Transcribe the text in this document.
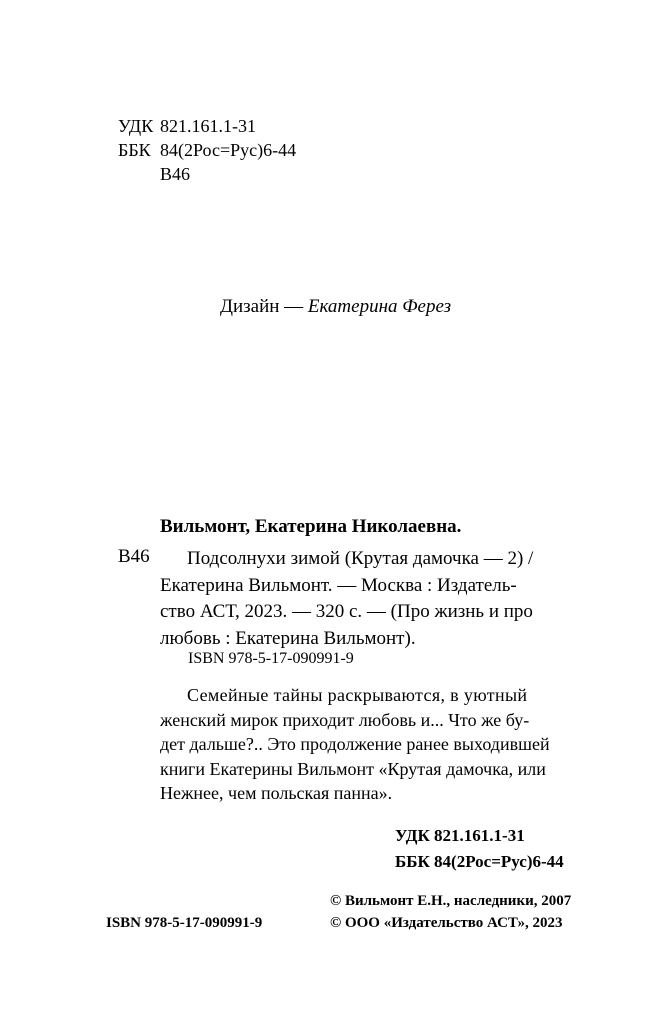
УДК 821.161.1-31
ББК 84(2Рос=Рус)6-44
В46
Дизайн — Екатерина Ферез
Вильмонт, Екатерина Николаевна.
В46	Подсолнухи зимой (Крутая дамочка — 2) /
Екатерина Вильмонт. — Москва : Издатель-
ство АСТ, 2023. — 320 с. — (Про жизнь и про
любовь : Екатерина Вильмонт).
ISBN 978-5-17-090991-9
Семейные тайны раскрываются, в уютный
женский мирок приходит любовь и... Что же бу-
дет дальше?.. Это продолжение ранее выходившей
книги Екатерины Вильмонт «Крутая дамочка, или
Нежнее, чем польская панна».
УДК 821.161.1-31
ББК 84(2Рос=Рус)6-44
© Вильмонт Е.Н., наследники, 2007
ISBN 978-5-17-090991-9	© ООО «Издательство АСТ», 2023
